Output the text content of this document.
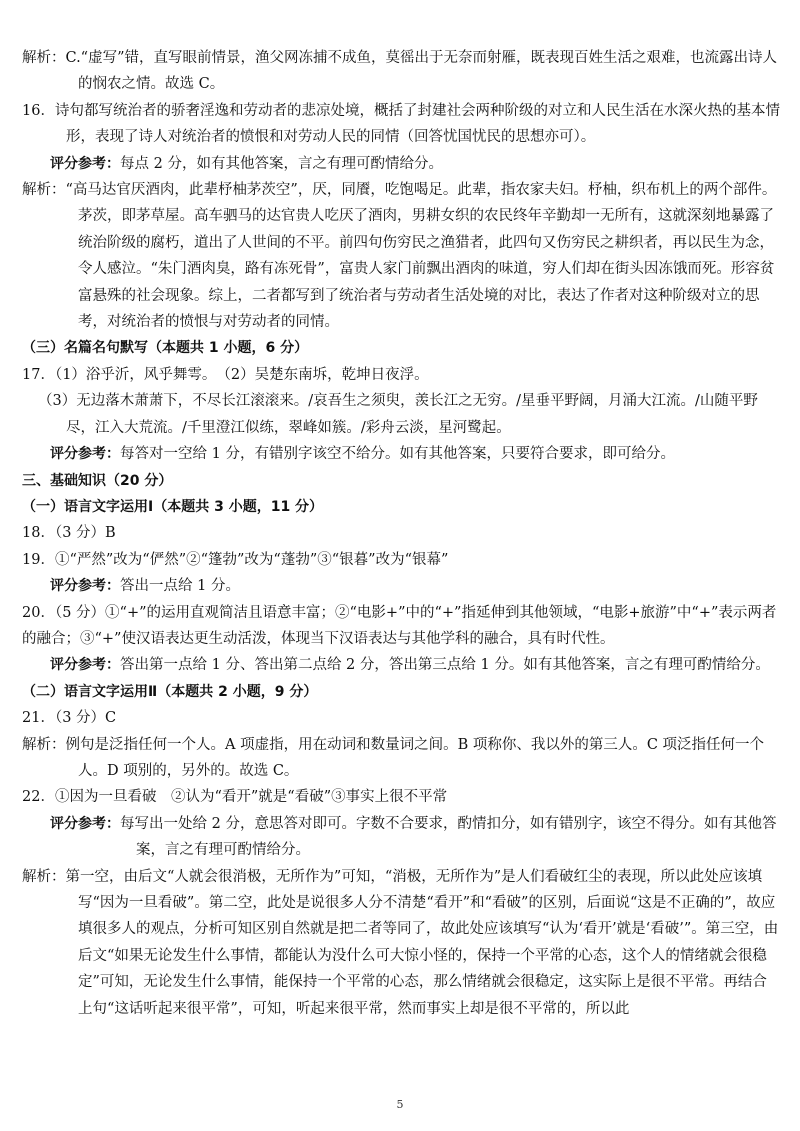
解析：C.“虚写”错，直写眼前情景，渔父网冻捕不成鱼，莫徭出于无奈而射雁，既表现百姓生活之艰难，也流露出诗人的悯农之情。故选 C。

16．诗句都写统治者的骄奢淫逸和劳动者的悲凉处境，概括了封建社会两种阶级的对立和人民生活在水深火热的基本情形，表现了诗人对统治者的愤恨和对劳动人民的同情（回答忧国忧民的思想亦可）。

评分参考：每点 2 分，如有其他答案，言之有理可酌情给分。

解析：“高马达官厌酒肉，此辈杼柚茅茨空”，厌，同餍，吃饱喝足。此辈，指农家夫妇。杼柚，织布机上的两个部件。茅茨，即茅草屋。高车驷马的达官贵人吃厌了酒肉，男耕女织的农民终年辛勤却一无所有，这就深刻地暴露了统治阶级的腐朽，道出了人世间的不平。前四句伤穷民之渔猎者，此四句又伤穷民之耕织者，再以民生为念，令人感泣。“朱门酒肉臭，路有冻死骨”，富贵人家门前飘出酒肉的味道，穷人们却在街头因冻饿而死。形容贫富悬殊的社会现象。综上，二者都写到了统治者与劳动者生活处境的对比，表达了作者对这种阶级对立的思考，对统治者的愤恨与对劳动者的同情。

（三）名篇名句默写（本题共 1 小题，6 分）

17．（1）浴乎沂，风乎舞雩。　（2）吴楚东南坼，乾坤日夜浮。

（3）无边落木萧萧下，不尽长江滚滚来。/哀吾生之须臾，羡长江之无穷。/星垂平野阔，月涌大江流。/山随平野尽，江入大荒流。/千里澄江似练，翠峰如簇。/彩舟云淡，星河鹭起。

评分参考：每答对一空给 1 分，有错别字该空不给分。如有其他答案，只要符合要求，即可给分。

三、基础知识（20 分）

（一）语言文字运用Ⅰ（本题共 3 小题，11 分）

18．（3 分）B

19．①“严然”改为“俨然”②“篷勃”改为“蓬勃”③“银暮”改为“银幕”

评分参考：答出一点给 1 分。

20．（5 分）①“+”的运用直观简洁且语意丰富；②“电影+”中的“+”指延伸到其他领域，“电影+旅游”中“+”表示两者的融合；③“+”使汉语表达更生动活泼，体现当下汉语表达与其他学科的融合，具有时代性。

评分参考：答出第一点给 1 分、答出第二点给 2 分，答出第三点给 1 分。如有其他答案，言之有理可酌情给分。

（二）语言文字运用Ⅱ（本题共 2 小题，9 分）

21．（3 分）C

解析：例句是泛指任何一个人。A 项虚指，用在动词和数量词之间。B 项称你、我以外的第三人。C 项泛指任何一个人。D 项别的，另外的。故选 C。

22．①因为一旦看破　②认为“看开”就是“看破”③事实上很不平常

评分参考：每写出一处给 2 分，意思答对即可。字数不合要求，酌情扣分，如有错别字，该空不得分。如有其他答案，言之有理可酌情给分。

解析：第一空，由后文“人就会很消极，无所作为”可知，“消极，无所作为”是人们看破红尘的表现，所以此处应该填写“因为一旦看破”。第二空，此处是说很多人分不清楚“看开”和“看破”的区别，后面说“这是不正确的”，故应填很多人的观点，分析可知区别自然就是把二者等同了，故此处应该填写“认为‘看开’就是‘看破’”。第三空，由后文“如果无论发生什么事情，都能认为没什么可大惊小怪的，保持一个平常的心态，这个人的情绪就会很稳定”可知，无论发生什么事情，能保持一个平常的心态，那么情绪就会很稳定，这实际上是很不平常。再结合上句“这话听起来很平常”，可知，听起来很平常，然而事实上却是很不平常的，所以此

5
